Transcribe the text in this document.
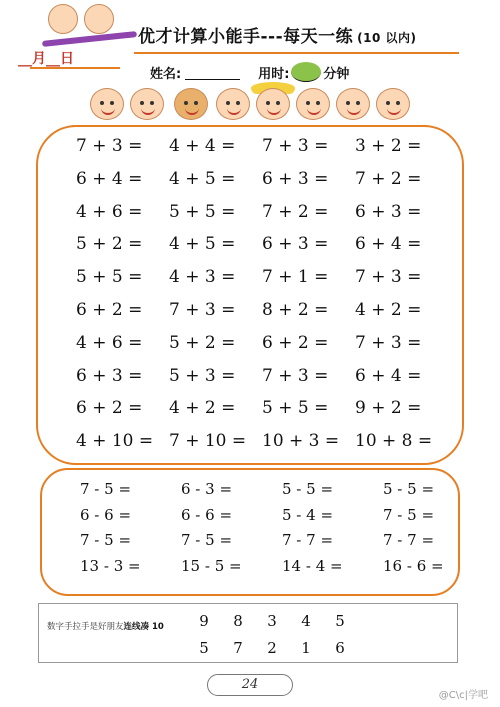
__月__日
优才计算小能手---每天一练 (10 以内)
姓名:	用时:	分钟
7 + 3 =	4 + 4 =	7 + 3 =	3 + 2 =
6 + 4 =	4 + 5 =	6 + 3 =	7 + 2 =
4 + 6 =	5 + 5 =	7 + 2 =	6 + 3 =
5 + 2 =	4 + 5 =	6 + 3 =	6 + 4 =
5 + 5 =	4 + 3 =	7 + 1 =	7 + 3 =
6 + 2 =	7 + 3 =	8 + 2 =	4 + 2 =
4 + 6 =	5 + 2 =	6 + 2 =	7 + 3 =
6 + 3 =	5 + 3 =	7 + 3 =	6 + 4 =
6 + 2 =	4 + 2 =	5 + 5 =	9 + 2 =
4 + 10 = 7 + 10 = 10 + 3 = 10 + 8 =
7 - 5 =	6 - 3 =	5 - 5 =	5 - 5 =
6 - 6 =	6 - 6 =	5 - 4 =	7 - 5 =
7 - 5 =	7 - 5 =	7 - 7 =	7 - 7 =
13 - 3 =	15 - 5 =	14 - 4 =	16 - 6 =
数字手拉手是好朋友连线凑 10	9	8	3	4	5
5	7	2	1	6
24
@C\c|学吧
